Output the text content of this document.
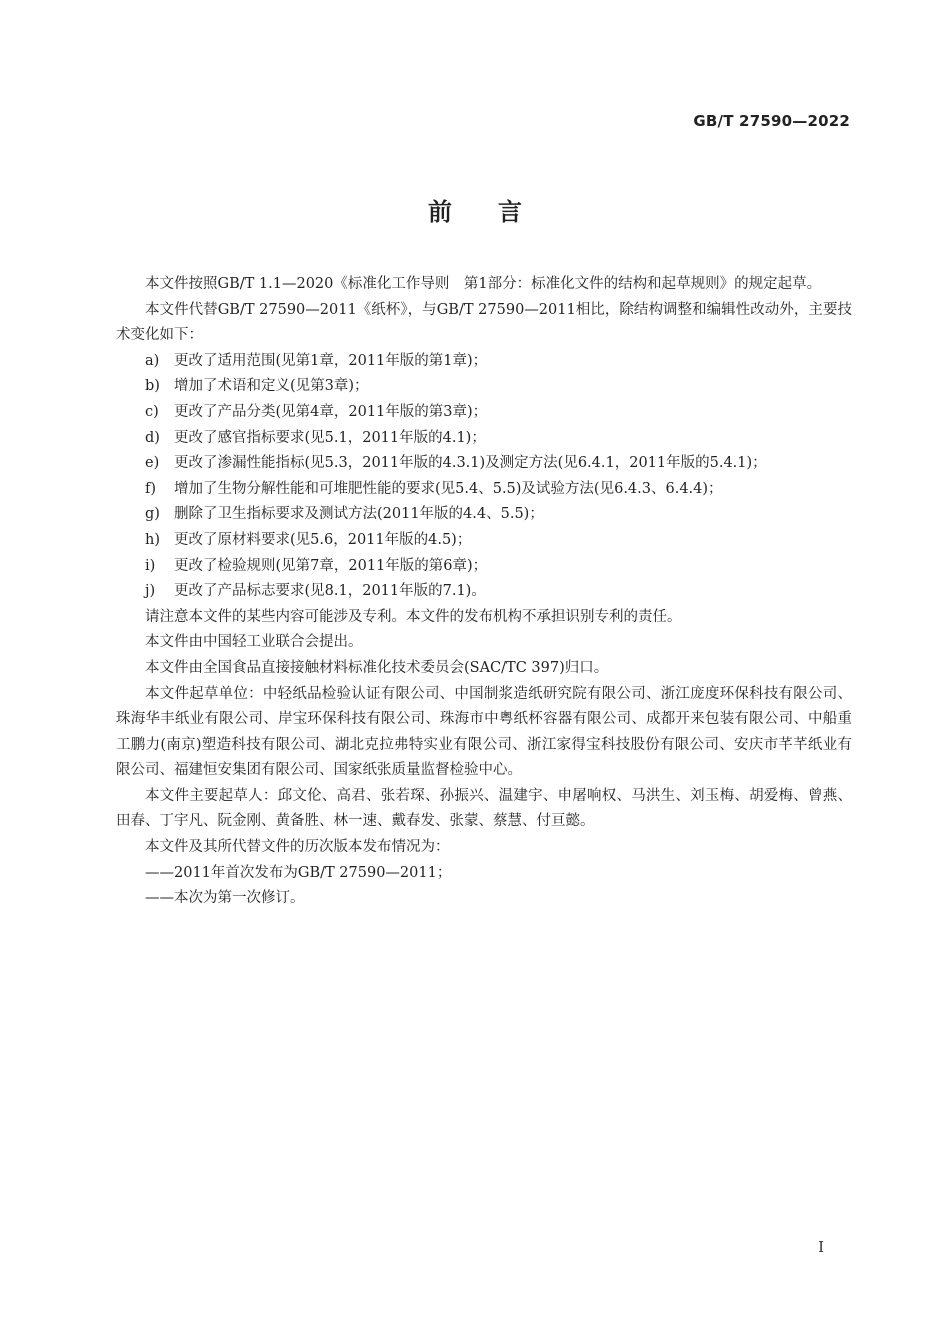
GB/T 27590—2022
前言

本文件按照GB/T 1.1—2020《标准化工作导则　第1部分：标准化文件的结构和起草规则》的规定起草。

本文件代替GB/T 27590—2011《纸杯》，与GB/T 27590—2011相比，除结构调整和编辑性改动外，主要技术变化如下：

a) 更改了适用范围(见第1章，2011年版的第1章)；

b) 增加了术语和定义(见第3章)；

c) 更改了产品分类(见第4章，2011年版的第3章)；

d) 更改了感官指标要求(见5.1，2011年版的4.1)；

e) 更改了渗漏性能指标(见5.3，2011年版的4.3.1)及测定方法(见6.4.1，2011年版的5.4.1)；

f) 增加了生物分解性能和可堆肥性能的要求(见5.4、5.5)及试验方法(见6.4.3、6.4.4)；

g) 删除了卫生指标要求及测试方法(2011年版的4.4、5.5)；

h) 更改了原材料要求(见5.6，2011年版的4.5)；

i) 更改了检验规则(见第7章，2011年版的第6章)；

j) 更改了产品标志要求(见8.1，2011年版的7.1)。

请注意本文件的某些内容可能涉及专利。本文件的发布机构不承担识别专利的责任。

本文件由中国轻工业联合会提出。

本文件由全国食品直接接触材料标准化技术委员会(SAC/TC 397)归口。

本文件起草单位：中轻纸品检验认证有限公司、中国制浆造纸研究院有限公司、浙江庞度环保科技有限公司、珠海华丰纸业有限公司、岸宝环保科技有限公司、珠海市中粤纸杯容器有限公司、成都开来包装有限公司、中船重工鹏力(南京)塑造科技有限公司、湖北克拉弗特实业有限公司、浙江家得宝科技股份有限公司、安庆市芊芊纸业有限公司、福建恒安集团有限公司、国家纸张质量监督检验中心。

本文件主要起草人：邱文伦、高君、张若琛、孙振兴、温建宇、申屠响权、马洪生、刘玉梅、胡爱梅、曾燕、田春、丁宇凡、阮金刚、黄备胜、林一速、戴春发、张蒙、蔡慧、付亘懿。

本文件及其所代替文件的历次版本发布情况为：

——2011年首次发布为GB/T 27590—2011；

——本次为第一次修订。

I
